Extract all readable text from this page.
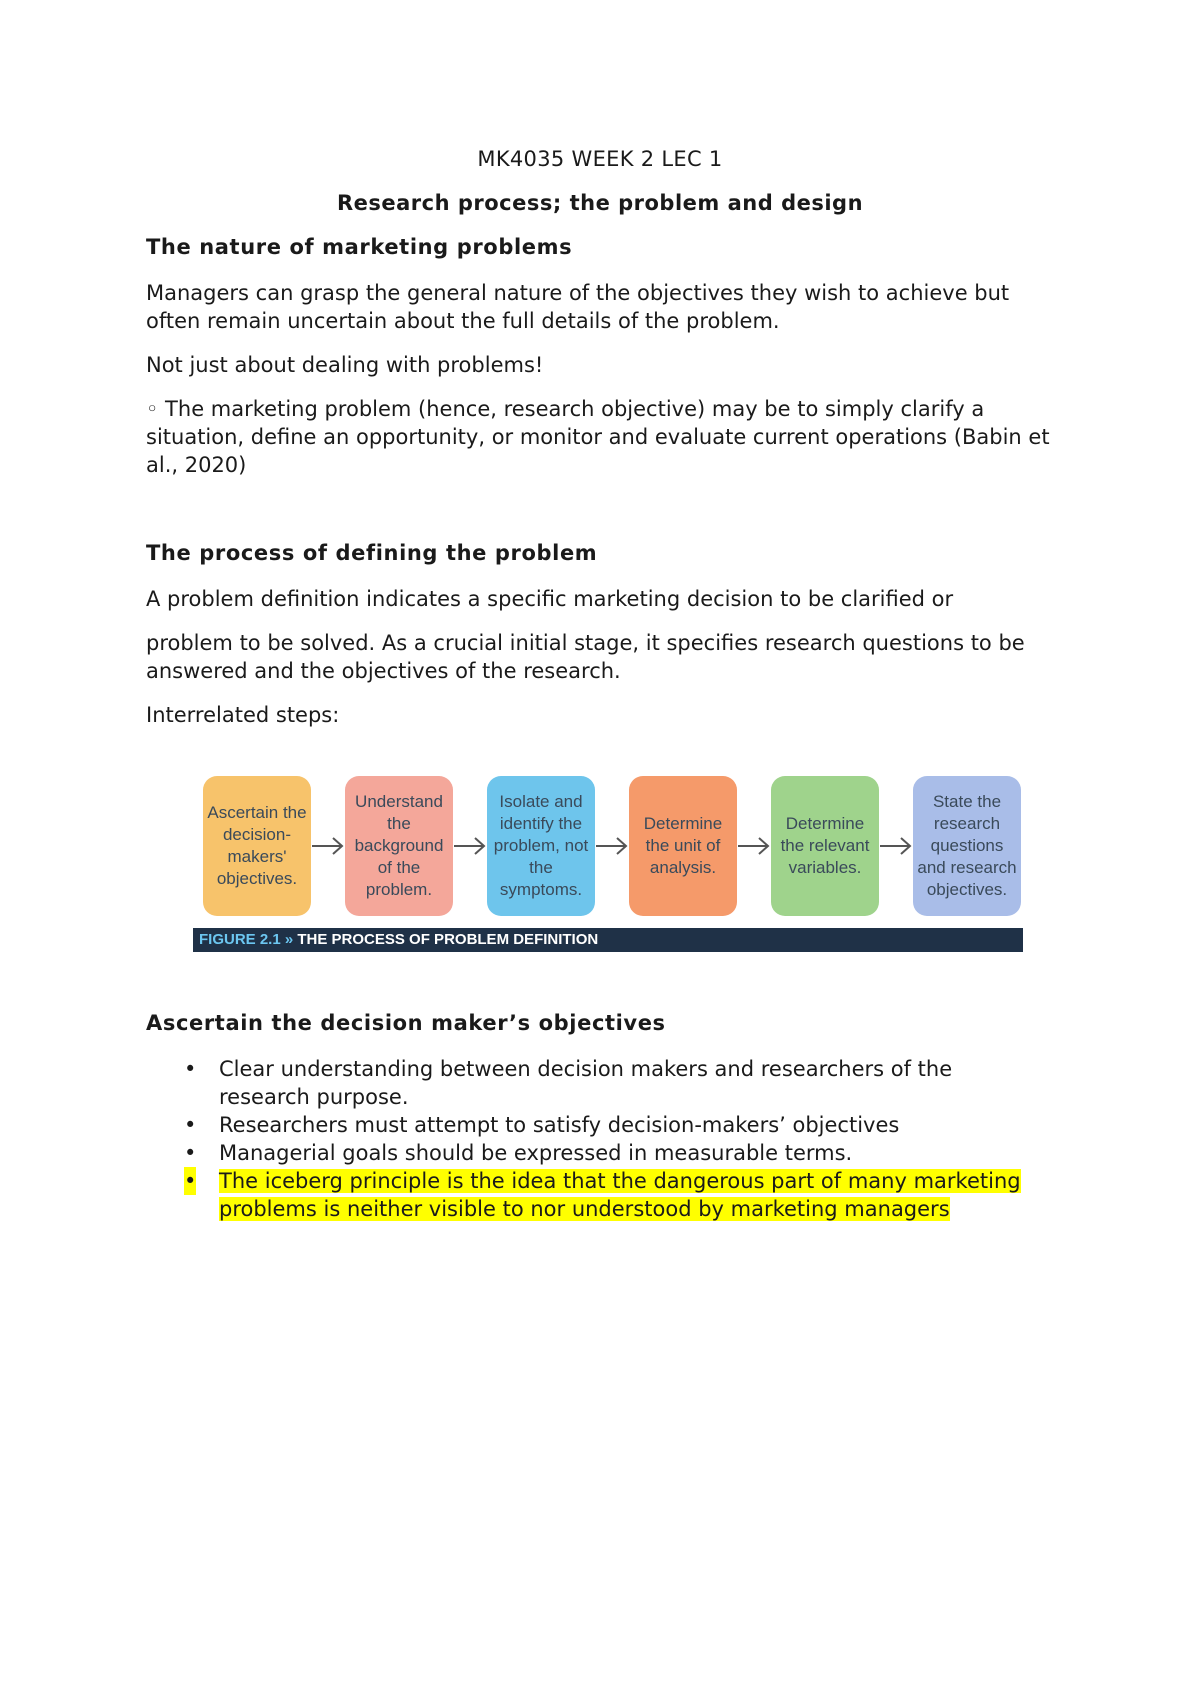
MK4035 WEEK 2 LEC 1
Research process; the problem and design
The nature of marketing problems

Managers can grasp the general nature of the objectives they wish to achieve but often remain uncertain about the full details of the problem.

Not just about dealing with problems!

◦ The marketing problem (hence, research objective) may be to simply clarify a situation, define an opportunity, or monitor and evaluate current operations (Babin et al., 2020)

The process of defining the problem

A problem definition indicates a specific marketing decision to be clarified or

problem to be solved. As a crucial initial stage, it specifies research questions to be answered and the objectives of the research.

Interrelated steps:

Ascertain the decision-makers' objectives.
Understand the background of the problem.
Isolate and identify the problem, not the symptoms.
Determine the unit of analysis.
Determine the relevant variables.
State the research questions and research objectives.
FIGURE 2.1 » THE PROCESS OF PROBLEM DEFINITION
Ascertain the decision maker’s objectives
• Clear understanding between decision makers and researchers of the research purpose.
• Researchers must attempt to satisfy decision-makers’ objectives
• Managerial goals should be expressed in measurable terms.
• The iceberg principle is the idea that the dangerous part of many marketing problems is neither visible to nor understood by marketing managers
